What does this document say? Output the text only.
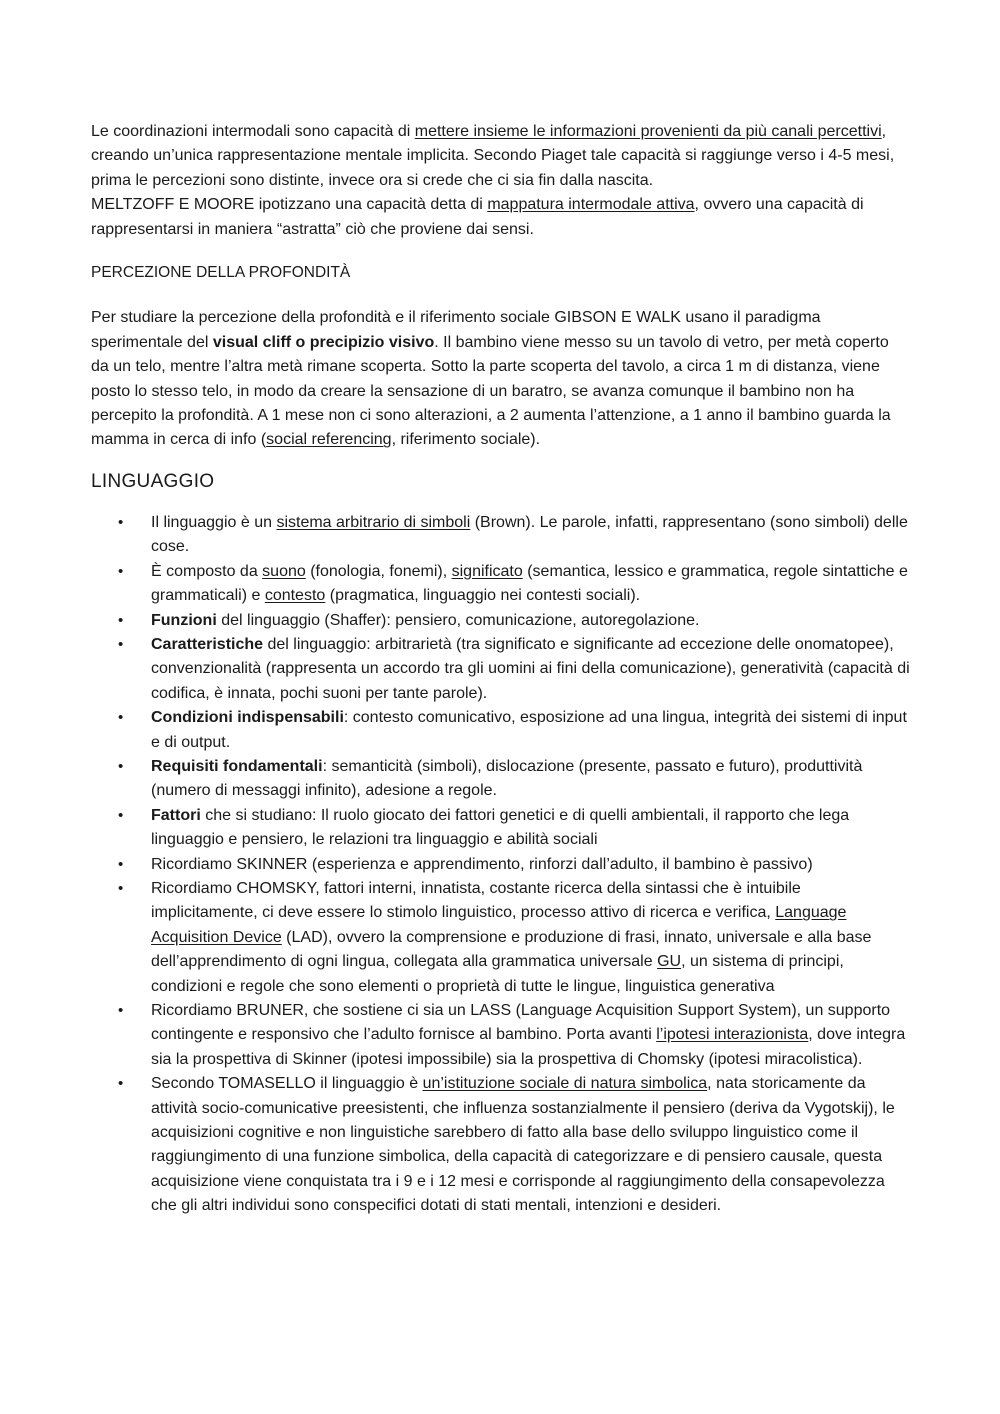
Le coordinazioni intermodali sono capacità di mettere insieme le informazioni provenienti da più canali percettivi, creando un’unica rappresentazione mentale implicita. Secondo Piaget tale capacità si raggiunge verso i 4-5 mesi, prima le percezioni sono distinte, invece ora si crede che ci sia fin dalla nascita.
MELTZOFF E MOORE ipotizzano una capacità detta di mappatura intermodale attiva, ovvero una capacità di rappresentarsi in maniera “astratta” ciò che proviene dai sensi.

PERCEZIONE DELLA PROFONDITÀ

Per studiare la percezione della profondità e il riferimento sociale GIBSON E WALK usano il paradigma sperimentale del visual cliff o precipizio visivo. Il bambino viene messo su un tavolo di vetro, per metà coperto da un telo, mentre l’altra metà rimane scoperta. Sotto la parte scoperta del tavolo, a circa 1 m di distanza, viene posto lo stesso telo, in modo da creare la sensazione di un baratro, se avanza comunque il bambino non ha percepito la profondità. A 1 mese non ci sono alterazioni, a 2 aumenta l’attenzione, a 1 anno il bambino guarda la mamma in cerca di info (social referencing, riferimento sociale).

LINGUAGGIO

• Il linguaggio è un sistema arbitrario di simboli (Brown). Le parole, infatti, rappresentano (sono simboli) delle cose.
• È composto da suono (fonologia, fonemi), significato (semantica, lessico e grammatica, regole sintattiche e grammaticali) e contesto (pragmatica, linguaggio nei contesti sociali).
• Funzioni del linguaggio (Shaffer): pensiero, comunicazione, autoregolazione.
• Caratteristiche del linguaggio: arbitrarietà (tra significato e significante ad eccezione delle onomatopee), convenzionalità (rappresenta un accordo tra gli uomini ai fini della comunicazione), generatività (capacità di codifica, è innata, pochi suoni per tante parole).
• Condizioni indispensabili: contesto comunicativo, esposizione ad una lingua, integrità dei sistemi di input e di output.
• Requisiti fondamentali: semanticità (simboli), dislocazione (presente, passato e futuro), produttività (numero di messaggi infinito), adesione a regole.
• Fattori che si studiano: Il ruolo giocato dei fattori genetici e di quelli ambientali, il rapporto che lega linguaggio e pensiero, le relazioni tra linguaggio e abilità sociali
• Ricordiamo SKINNER (esperienza e apprendimento, rinforzi dall’adulto, il bambino è passivo)
• Ricordiamo CHOMSKY, fattori interni, innatista, costante ricerca della sintassi che è intuibile implicitamente, ci deve essere lo stimolo linguistico, processo attivo di ricerca e verifica, Language Acquisition Device (LAD), ovvero la comprensione e produzione di frasi, innato, universale e alla base dell’apprendimento di ogni lingua, collegata alla grammatica universale GU, un sistema di principi, condizioni e regole che sono elementi o proprietà di tutte le lingue, linguistica generativa
• Ricordiamo BRUNER, che sostiene ci sia un LASS (Language Acquisition Support System), un supporto contingente e responsivo che l’adulto fornisce al bambino. Porta avanti l’ipotesi interazionista, dove integra sia la prospettiva di Skinner (ipotesi impossibile) sia la prospettiva di Chomsky (ipotesi miracolistica).
• Secondo TOMASELLO il linguaggio è un’istituzione sociale di natura simbolica, nata storicamente da attività socio-comunicative preesistenti, che influenza sostanzialmente il pensiero (deriva da Vygotskij), le acquisizioni cognitive e non linguistiche sarebbero di fatto alla base dello sviluppo linguistico come il raggiungimento di una funzione simbolica, della capacità di categorizzare e di pensiero causale, questa acquisizione viene conquistata tra i 9 e i 12 mesi e corrisponde al raggiungimento della consapevolezza che gli altri individui sono conspecifici dotati di stati mentali, intenzioni e desideri.
